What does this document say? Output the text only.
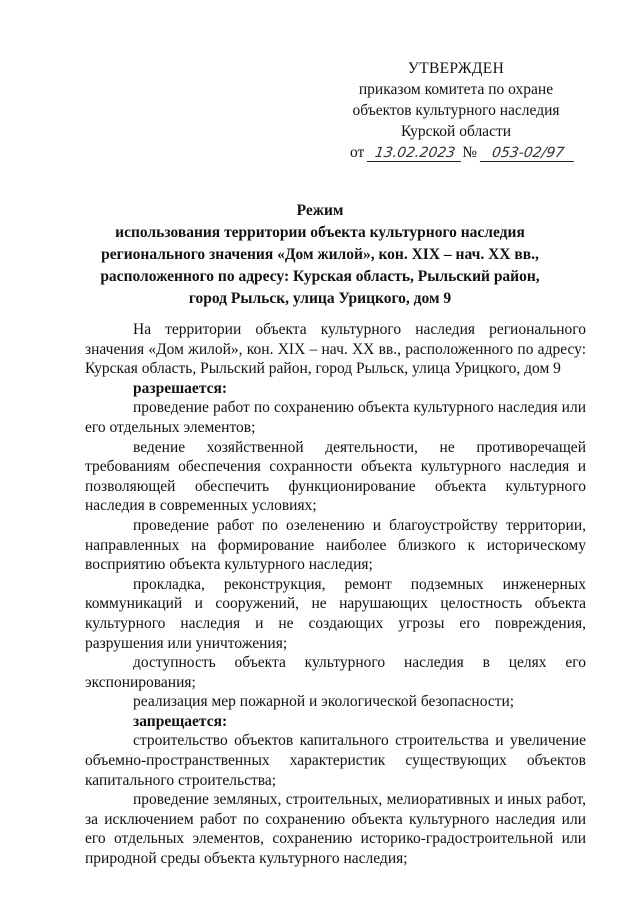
УТВЕРЖДЕН
приказом комитета по охране
объектов культурного наследия
Курской области
от 13.02.2023 № 053-02/97
Режим
использования территории объекта культурного наследия
регионального значения «Дом жилой», кон. XIX – нач. XX вв.,
расположенного по адресу: Курская область, Рыльский район,
город Рыльск, улица Урицкого, дом 9

На территории объекта культурного наследия регионального значения «Дом жилой», кон. XIX – нач. XX вв., расположенного по адресу: Курская область, Рыльский район, город Рыльск, улица Урицкого, дом 9

разрешается:

проведение работ по сохранению объекта культурного наследия или его отдельных элементов;

ведение хозяйственной деятельности, не противоречащей требованиям обеспечения сохранности объекта культурного наследия и позволяющей обеспечить функционирование объекта культурного наследия в современных условиях;

проведение работ по озеленению и благоустройству территории, направленных на формирование наиболее близкого к историческому восприятию объекта культурного наследия;

прокладка, реконструкция, ремонт подземных инженерных коммуникаций и сооружений, не нарушающих целостность объекта культурного наследия и не создающих угрозы его повреждения, разрушения или уничтожения;

доступность объекта культурного наследия в целях его экспонирования;

реализация мер пожарной и экологической безопасности;

запрещается:

строительство объектов капитального строительства и увеличение объемно-пространственных характеристик существующих объектов капитального строительства;

проведение земляных, строительных, мелиоративных и иных работ, за исключением работ по сохранению объекта культурного наследия или его отдельных элементов, сохранению историко-градостроительной или природной среды объекта культурного наследия;
